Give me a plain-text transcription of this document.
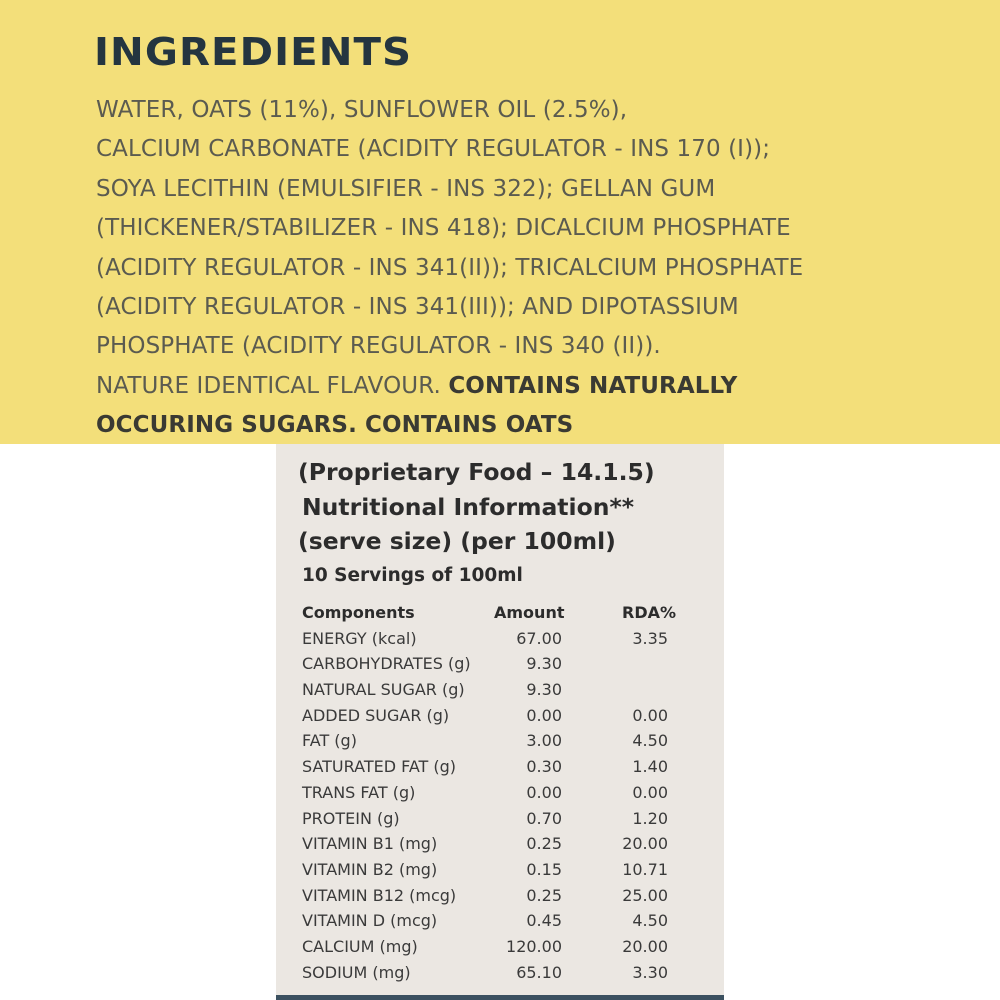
INGREDIENTS
WATER, OATS (11%), SUNFLOWER OIL (2.5%),
CALCIUM CARBONATE (ACIDITY REGULATOR - INS 170 (I));
SOYA LECITHIN (EMULSIFIER - INS 322); GELLAN GUM
(THICKENER/STABILIZER - INS 418); DICALCIUM PHOSPHATE
(ACIDITY REGULATOR - INS 341(II)); TRICALCIUM PHOSPHATE
(ACIDITY REGULATOR - INS 341(III)); AND DIPOTASSIUM
PHOSPHATE (ACIDITY REGULATOR - INS 340 (II)).
NATURE IDENTICAL FLAVOUR. CONTAINS NATURALLY
OCCURING SUGARS. CONTAINS OATS
(Proprietary Food – 14.1.5)
Nutritional Information**
(serve size) (per 100ml)
10 Servings of 100ml
Components	Amount	RDA%
ENERGY (kcal)	67.00	3.35
CARBOHYDRATES (g)	9.30
NATURAL SUGAR (g)	9.30
ADDED SUGAR (g)	0.00	0.00
FAT (g)	3.00	4.50
SATURATED FAT (g)	0.30	1.40
TRANS FAT (g)	0.00	0.00
PROTEIN (g)	0.70	1.20
VITAMIN B1 (mg)	0.25	20.00
VITAMIN B2 (mg)	0.15	10.71
VITAMIN B12 (mcg)	0.25	25.00
VITAMIN D (mcg)	0.45	4.50
CALCIUM (mg)	120.00	20.00
SODIUM (mg)	65.10	3.30
